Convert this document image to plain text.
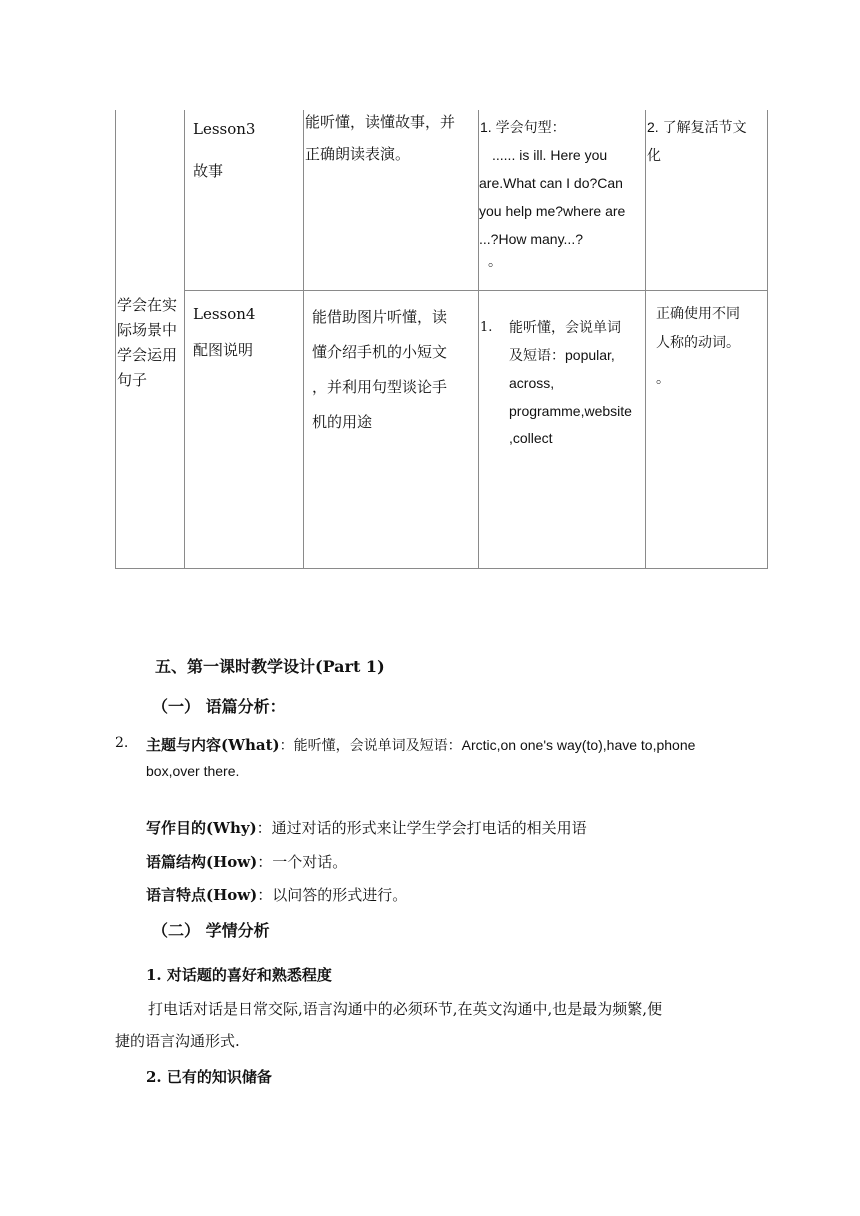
学会在实
际场景中
学会运用
句子
Lesson3
故事
能听懂，读懂故事，并
正确朗读表演。
1. 学会句型：
...... is ill. Here you
are.What can I do?Can
you help me?where are
...?How many...?
。
2. 了解复活节文
化
Lesson4
配图说明
能借助图片听懂，读
懂介绍手机的小短文
，并利用句型谈论手
机的用途
1. 能听懂，会说单词
及短语：popular,
across,
programme,website
,collect
正确使用不同
人称的动词。
。
五、第一课时教学设计(Part 1)
（一） 语篇分析：
2. 主题与内容(What)：能听懂，会说单词及短语：Arctic,on one's way(to),have to,phone
box,over there.
写作目的(Why)：通过对话的形式来让学生学会打电话的相关用语
语篇结构(How)：一个对话。
语言特点(How)：以问答的形式进行。
（二） 学情分析
1. 对话题的喜好和熟悉程度
打电话对话是日常交际,语言沟通中的必须环节,在英文沟通中,也是最为频繁,便
捷的语言沟通形式.
2. 已有的知识储备
